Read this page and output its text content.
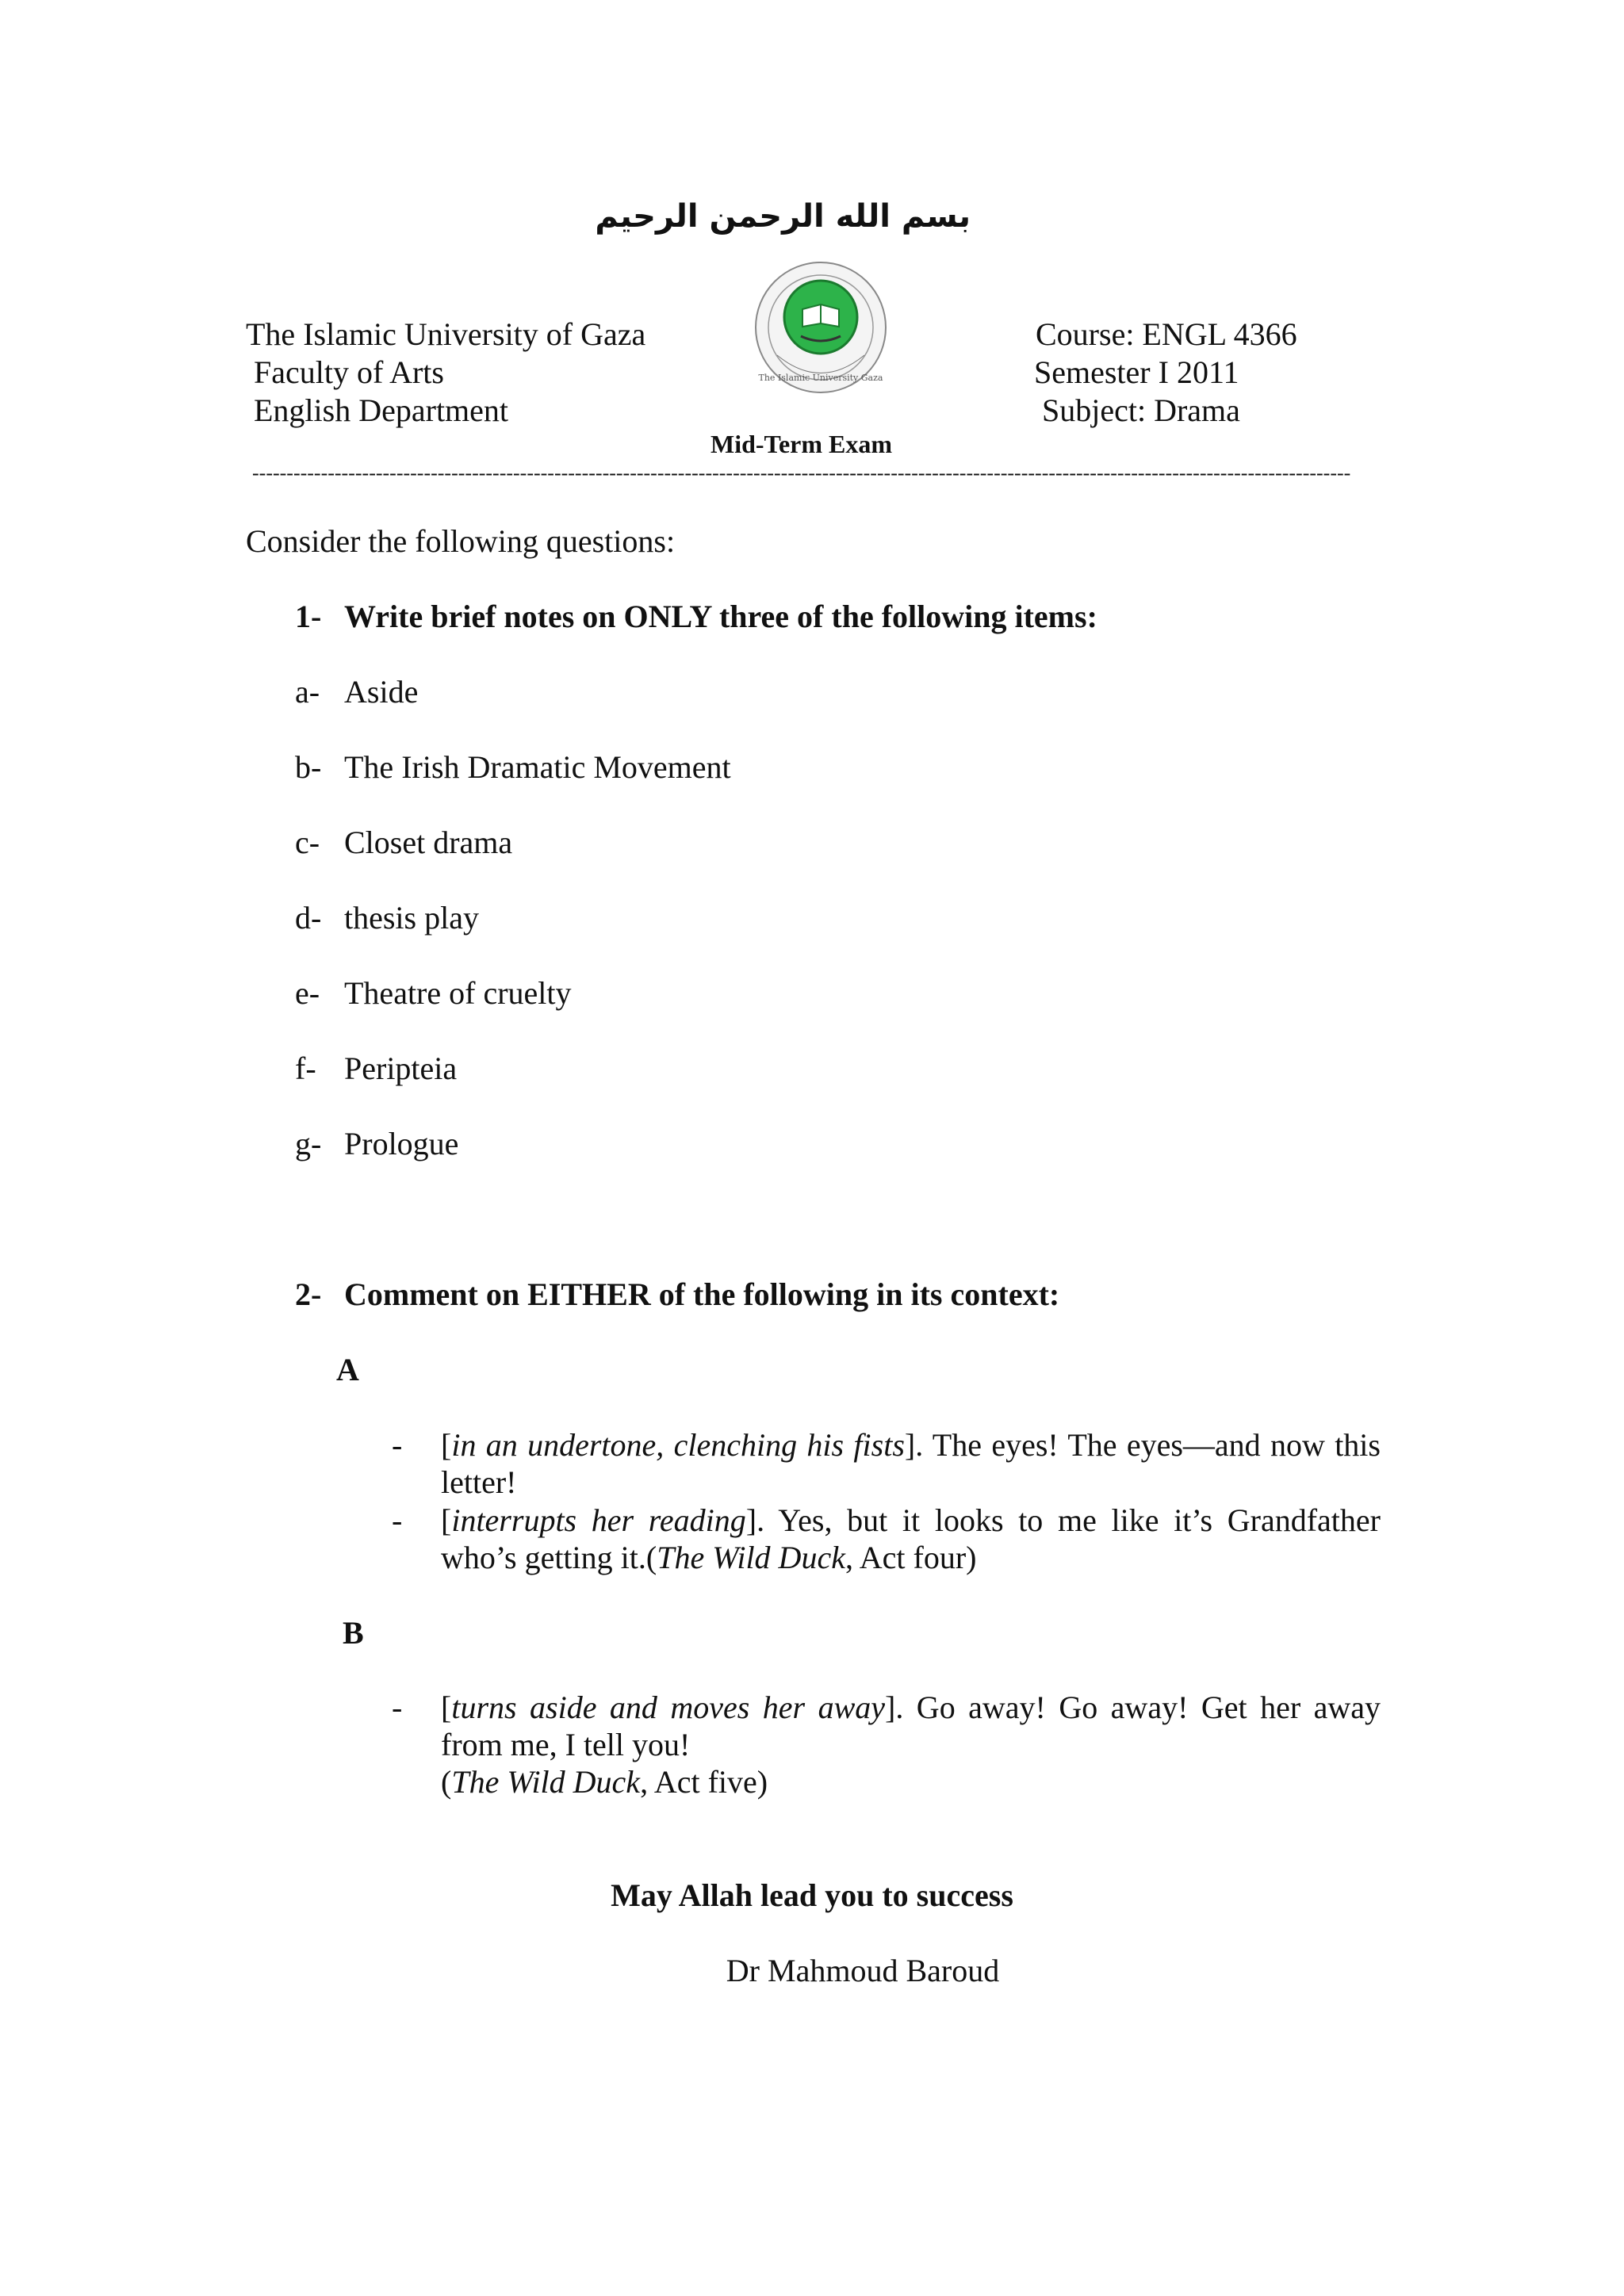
بسم الله الرحمن الرحيم
The Islamic University of Gaza
Faculty of Arts
English Department
Course: ENGL 4366
Semester I 2011
Subject: Drama
The Islamic University Gaza
Mid-Term Exam
----------------------------------------------------------------------------------------------------------------------------------------------------------------
Consider the following questions:
1- Write brief notes on ONLY three of the following items:
a- Aside
b- The Irish Dramatic Movement
c- Closet drama
d- thesis play
e- Theatre of cruelty
f- Peripteia
g- Prologue
2- Comment on EITHER of the following in its context:
A
- [in an undertone, clenching his fists]. The eyes! The eyes—and now this letter!
- [interrupts her reading]. Yes, but it looks to me like it’s Grandfather who’s getting it.(The Wild Duck, Act four)
B
- [turns aside and moves her away]. Go away! Go away! Get her away from me, I tell you!
(The Wild Duck, Act five)
May Allah lead you to success
Dr Mahmoud Baroud
